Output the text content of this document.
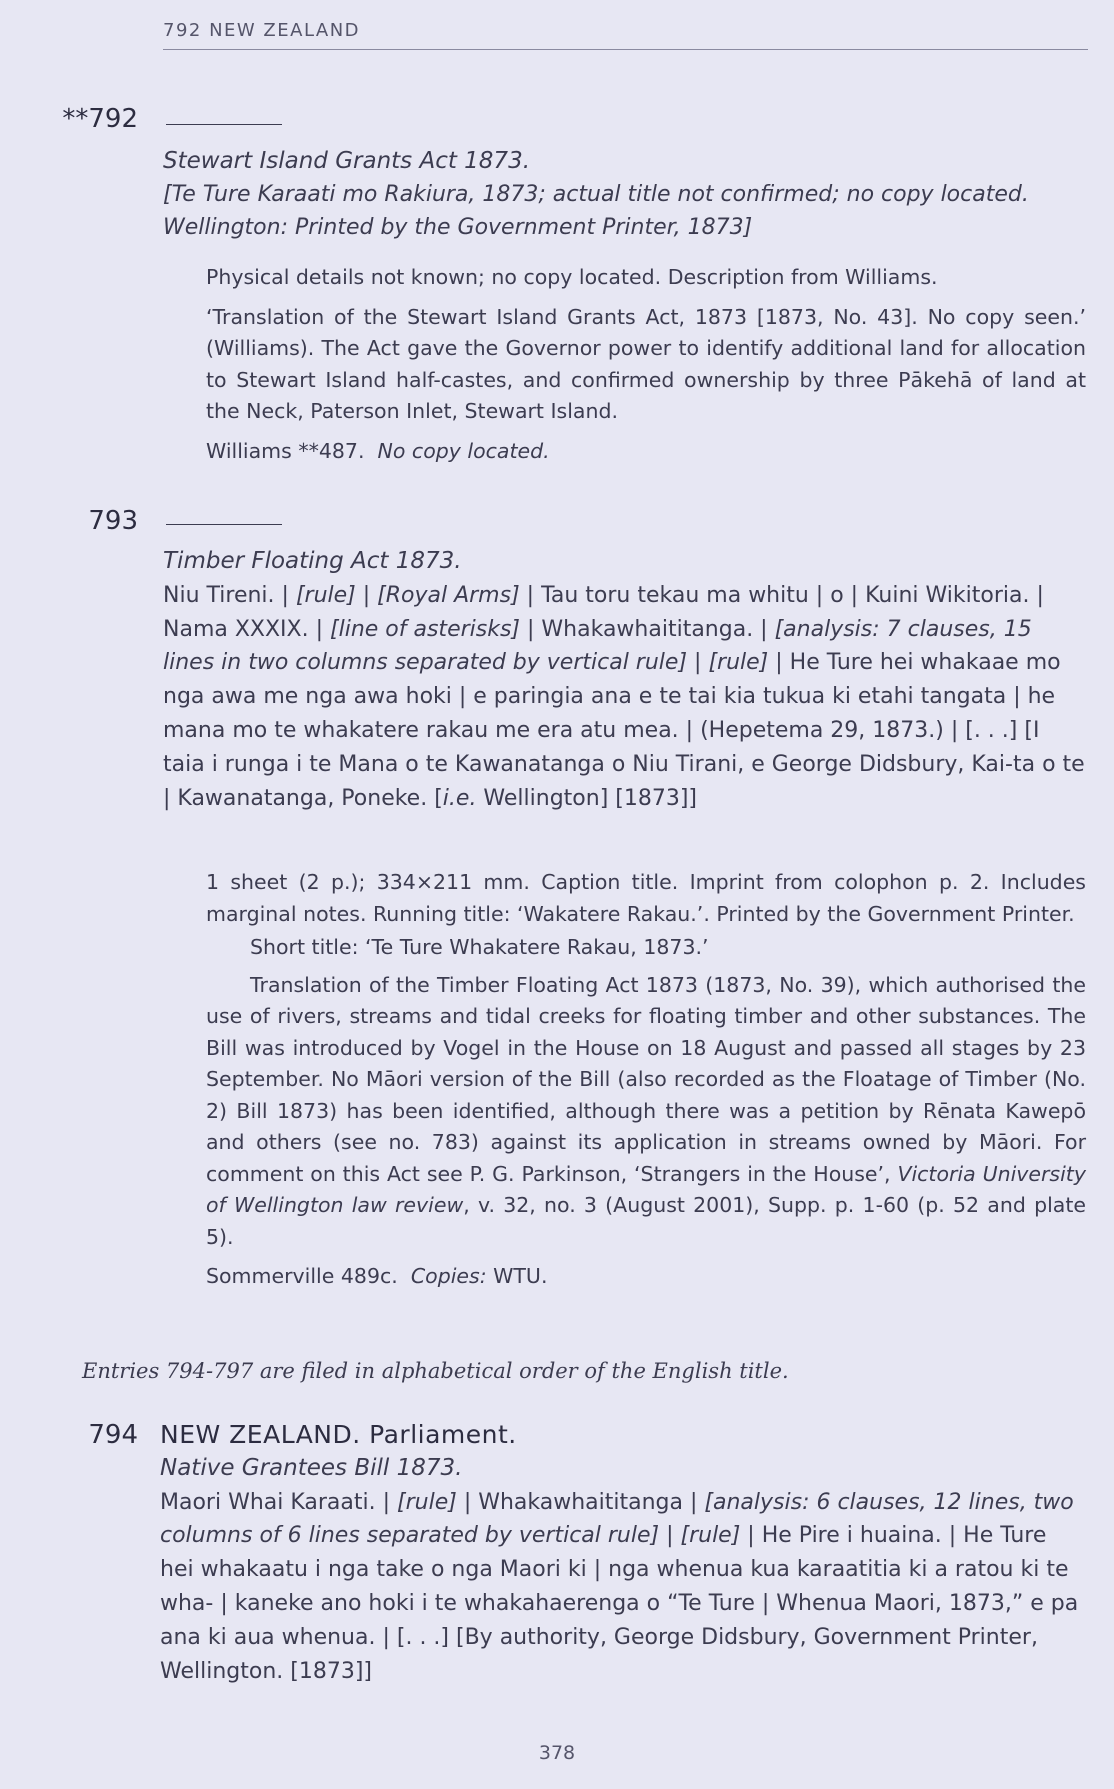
792 NEW ZEALAND
**792
Stewart Island Grants Act 1873.
[Te Ture Karaati mo Rakiura, 1873; actual title not confirmed; no copy located.
Wellington: Printed by the Government Printer, 1873]

Physical details not known; no copy located. Description from Williams.

‘Translation of the Stewart Island Grants Act, 1873 [1873, No. 43]. No copy seen.’ (Williams). The Act gave the Governor power to identify additional land for allocation to Stewart Island half-castes, and confirmed ownership by three Pākehā of land at the Neck, Paterson Inlet, Stewart Island.

Williams **487. No copy located.

793
Timber Floating Act 1873.
Niu Tireni. | [rule] | [Royal Arms] | Tau toru tekau ma whitu | o | Kuini Wikitoria. | Nama XXXIX. | [line of asterisks] | Whakawhaititanga. | [analysis: 7 clauses, 15 lines in two columns separated by vertical rule] | [rule] | He Ture hei whakaae mo nga awa me nga awa hoki | e paringia ana e te tai kia tukua ki etahi tangata | he mana mo te whakatere rakau me era atu mea. | (Hepetema 29, 1873.) | [. . .] [I taia i runga i te Mana o te Kawanatanga o Niu Tirani, e George Didsbury, Kai-ta o te | Kawanatanga, Poneke. [i.e. Wellington] [1873]]

1 sheet (2 p.); 334×211 mm. Caption title. Imprint from colophon p. 2. Includes marginal notes. Running title: ‘Wakatere Rakau.’. Printed by the Government Printer.

Short title: ‘Te Ture Whakatere Rakau, 1873.’

Translation of the Timber Floating Act 1873 (1873, No. 39), which authorised the use of rivers, streams and tidal creeks for floating timber and other substances. The Bill was introduced by Vogel in the House on 18 August and passed all stages by 23 September. No Māori version of the Bill (also recorded as the Floatage of Timber (No. 2) Bill 1873) has been identified, although there was a petition by Rēnata Kawepō and others (see no. 783) against its application in streams owned by Māori. For comment on this Act see P. G. Parkinson, ‘Strangers in the House’, Victoria University of Wellington law review, v. 32, no. 3 (August 2001), Supp. p. 1-60 (p. 52 and plate 5).

Sommerville 489c. Copies: WTU.

Entries 794-797 are filed in alphabetical order of the English title.
794 NEW ZEALAND. Parliament.
Native Grantees Bill 1873.
Maori Whai Karaati. | [rule] | Whakawhaititanga | [analysis: 6 clauses, 12 lines, two columns of 6 lines separated by vertical rule] | [rule] | He Pire i huaina. | He Ture hei whakaatu i nga take o nga Maori ki | nga whenua kua karaatitia ki a ratou ki te wha- | kaneke ano hoki i te whakahaerenga o “Te Ture | Whenua Maori, 1873,” e pa ana ki aua whenua. | [. . .] [By authority, George Didsbury, Government Printer, Wellington. [1873]]
378
